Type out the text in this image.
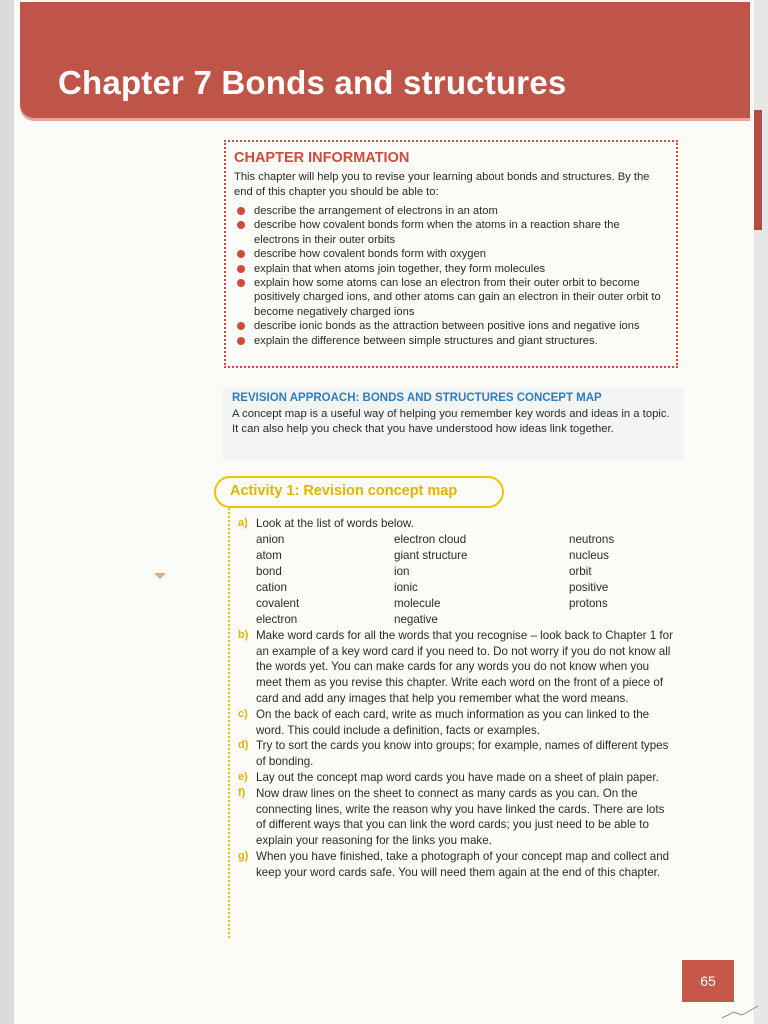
Chapter 7 Bonds and structures
CHAPTER INFORMATION

This chapter will help you to revise your learning about bonds and structures. By the end of this chapter you should be able to:

describe the arrangement of electrons in an atom
describe how covalent bonds form when the atoms in a reaction share the electrons in their outer orbits
describe how covalent bonds form with oxygen
explain that when atoms join together, they form molecules
explain how some atoms can lose an electron from their outer orbit to become positively charged ions, and other atoms can gain an electron in their outer orbit to become negatively charged ions
describe ionic bonds as the attraction between positive ions and negative ions
explain the difference between simple structures and giant structures.
REVISION APPROACH: BONDS AND STRUCTURES CONCEPT MAP

A concept map is a useful way of helping you remember key words and ideas in a topic. It can also help you check that you have understood how ideas link together.

Activity 1: Revision concept map
a) Look at the list of words below.
anion
atom
bond
cation
covalent
electron
electron cloud
giant structure
ion
ionic
molecule
negative
neutrons
nucleus
orbit
positive
protons
b) Make word cards for all the words that you recognise – look back to Chapter 1 for an example of a key word card if you need to. Do not worry if you do not know all the words yet. You can make cards for any words you do not know when you meet them as you revise this chapter. Write each word on the front of a piece of card and add any images that help you remember what the word means.
c) On the back of each card, write as much information as you can linked to the word. This could include a definition, facts or examples.
d) Try to sort the cards you know into groups; for example, names of different types of bonding.
e) Lay out the concept map word cards you have made on a sheet of plain paper.
f) Now draw lines on the sheet to connect as many cards as you can. On the connecting lines, write the reason why you have linked the cards. There are lots of different ways that you can link the word cards; you just need to be able to explain your reasoning for the links you make.
g) When you have finished, take a photograph of your concept map and collect and keep your word cards safe. You will need them again at the end of this chapter.
65
